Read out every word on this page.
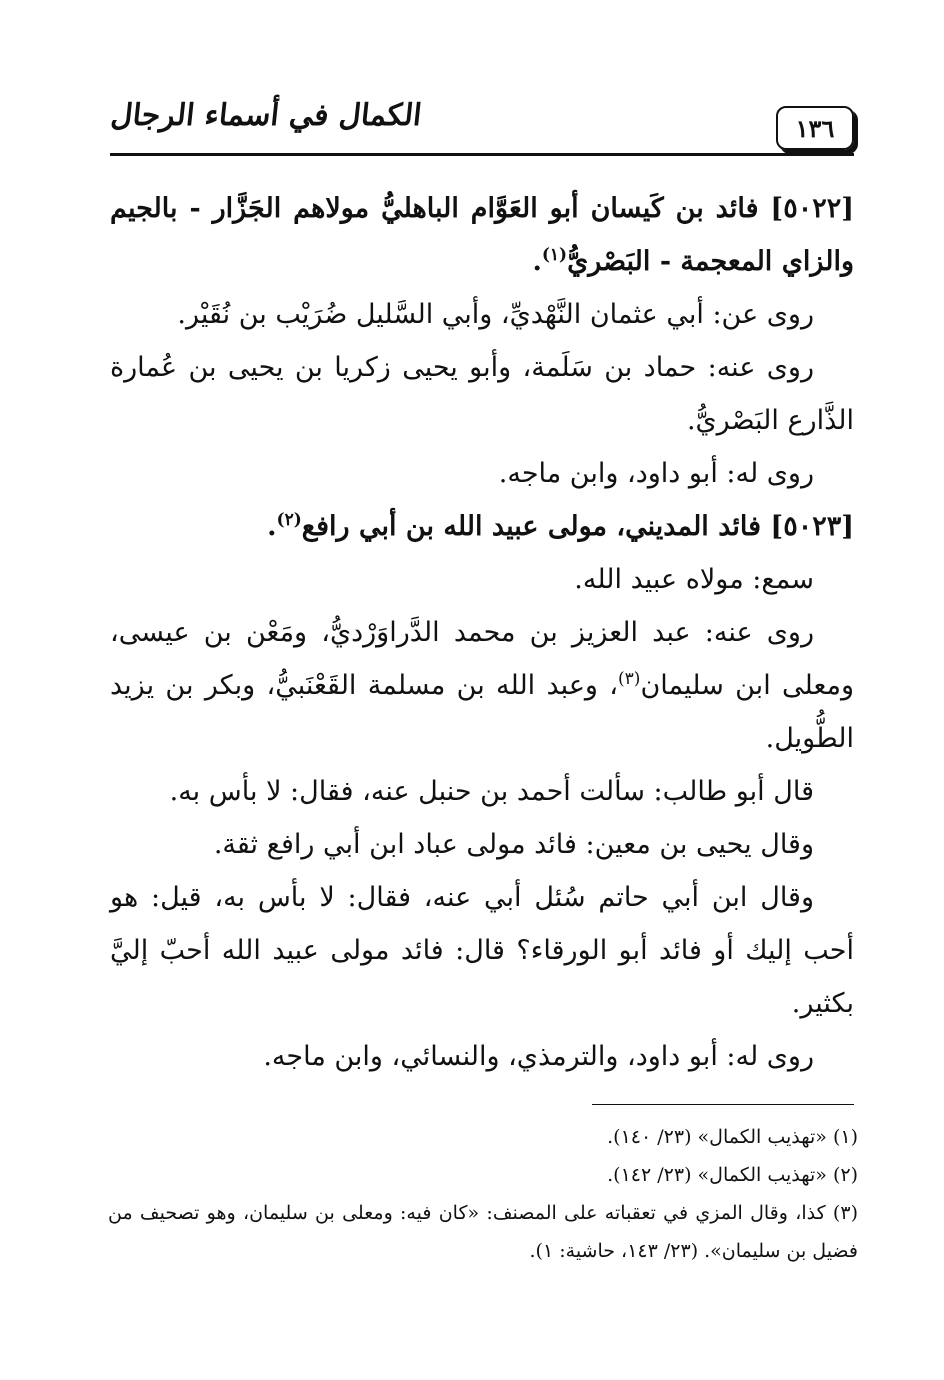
الكمال في أسماء الرجال	١٣٦

[٥٠٢٢] فائد بن كَيسان أبو العَوَّام الباهليُّ مولاهم الجَزَّار - بالجيم والزاي المعجمة - البَصْريُّ$^{(١)}$.

روى عن: أبي عثمان النَّهْديِّ، وأبي السَّليل ضُرَيْب بن نُقَيْر.

روى عنه: حماد بن سَلَمة، وأبو يحيى زكريا بن يحيى بن عُمارة الذَّارع البَصْريُّ.

روى له: أبو داود، وابن ماجه.

[٥٠٢٣] فائد المديني، مولى عبيد الله بن أبي رافع$^{(٢)}$.

سمع: مولاه عبيد الله.

روى عنه: عبد العزيز بن محمد الدَّراوَرْديُّ، ومَعْن بن عيسى، ومعلى ابن سليمان$^{(٣)}$، وعبد الله بن مسلمة القَعْنَبيُّ، وبكر بن يزيد الطُّويل.

قال أبو طالب: سألت أحمد بن حنبل عنه، فقال: لا بأس به.

وقال يحيى بن معين: فائد مولى عباد ابن أبي رافع ثقة.

وقال ابن أبي حاتم سُئل أبي عنه، فقال: لا بأس به، قيل: هو أحب إليك أو فائد أبو الورقاء؟ قال: فائد مولى عبيد الله أحبّ إليَّ بكثير.

روى له: أبو داود، والترمذي، والنسائي، وابن ماجه.

(١) «تهذيب الكمال» (٢٣/ ١٤٠).

(٢) «تهذيب الكمال» (٢٣/ ١٤٢).

(٣) كذا، وقال المزي في تعقباته على المصنف: «كان فيه: ومعلى بن سليمان، وهو تصحيف من فضيل بن سليمان». (٢٣/ ١٤٣، حاشية: ١).
